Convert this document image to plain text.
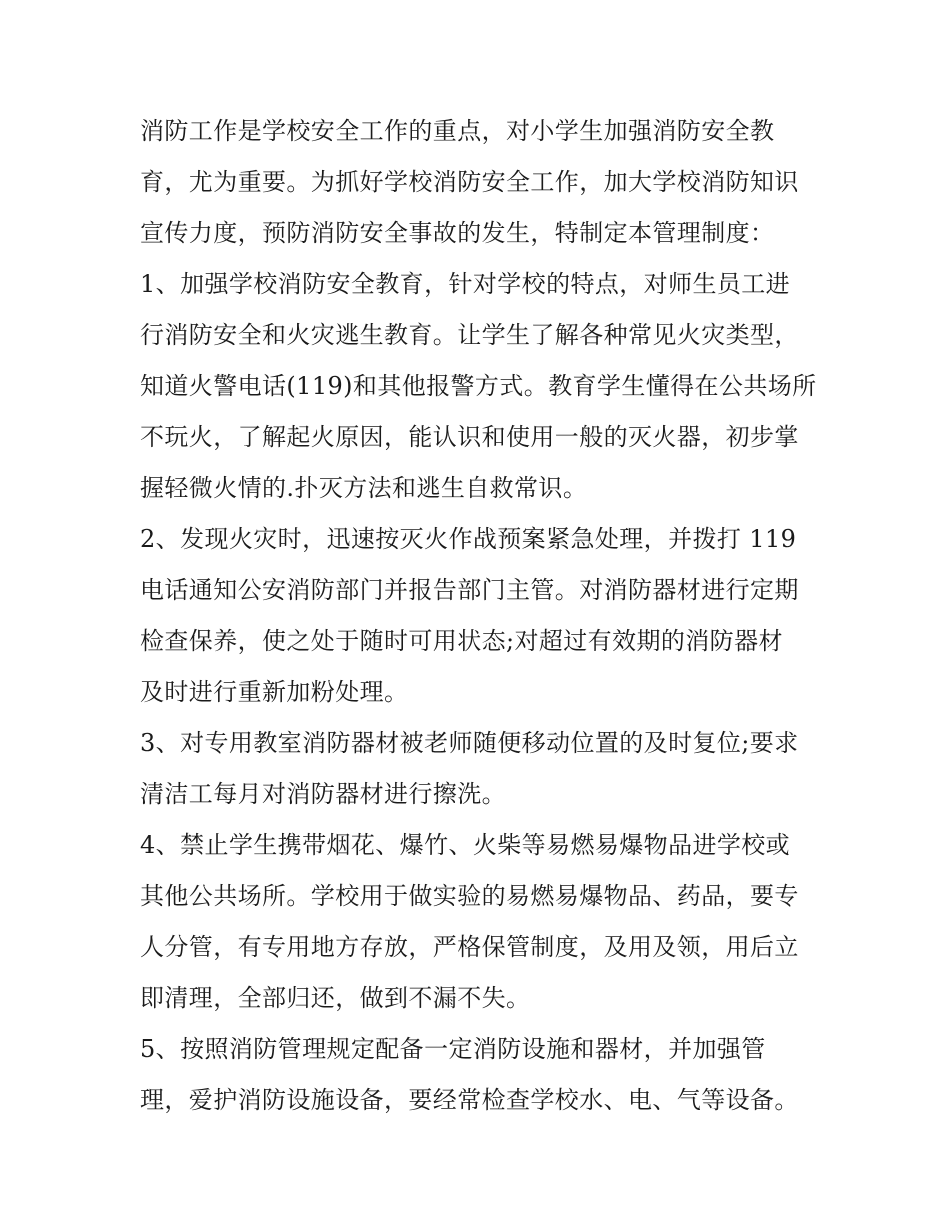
消防工作是学校安全工作的重点，对小学生加强消防安全教
育，尤为重要。为抓好学校消防安全工作，加大学校消防知识
宣传力度，预防消防安全事故的发生，特制定本管理制度：
1、加强学校消防安全教育，针对学校的特点，对师生员工进
行消防安全和火灾逃生教育。让学生了解各种常见火灾类型，
知道火警电话(119)和其他报警方式。教育学生懂得在公共场所
不玩火，了解起火原因，能认识和使用一般的灭火器，初步掌
握轻微火情的.扑灭方法和逃生自救常识。
2、发现火灾时，迅速按灭火作战预案紧急处理，并拨打 119
电话通知公安消防部门并报告部门主管。对消防器材进行定期
检查保养，使之处于随时可用状态;对超过有效期的消防器材
及时进行重新加粉处理。
3、对专用教室消防器材被老师随便移动位置的及时复位;要求
清洁工每月对消防器材进行擦洗。
4、禁止学生携带烟花、爆竹、火柴等易燃易爆物品进学校或
其他公共场所。学校用于做实验的易燃易爆物品、药品，要专
人分管，有专用地方存放，严格保管制度，及用及领，用后立
即清理，全部归还，做到不漏不失。
5、按照消防管理规定配备一定消防设施和器材，并加强管
理，爱护消防设施设备，要经常检查学校水、电、气等设备。
